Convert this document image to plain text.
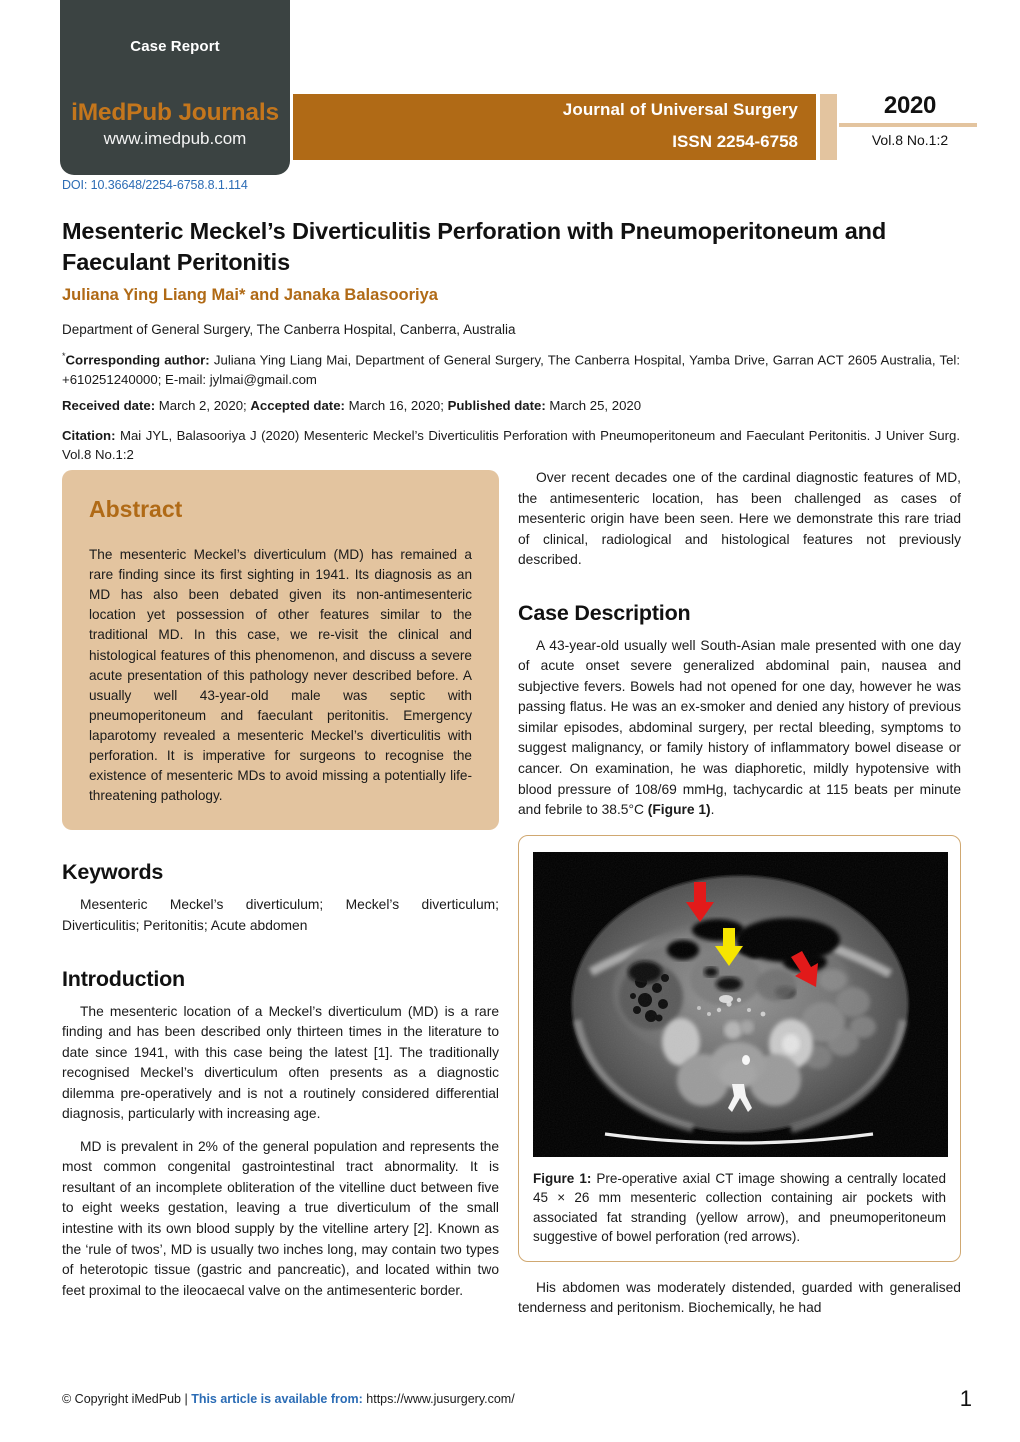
Case Report
iMedPub Journals
www.imedpub.com
Journal of Universal Surgery
ISSN 2254-6758
2020
Vol.8 No.1:2
DOI: 10.36648/2254-6758.8.1.114
Mesenteric Meckel’s Diverticulitis Perforation with Pneumoperitoneum and Faeculant Peritonitis
Juliana Ying Liang Mai* and Janaka Balasooriya
Department of General Surgery, The Canberra Hospital, Canberra, Australia
*Corresponding author: Juliana Ying Liang Mai, Department of General Surgery, The Canberra Hospital, Yamba Drive, Garran ACT 2605 Australia, Tel: +610251240000; E-mail: jylmai@gmail.com
Received date: March 2, 2020; Accepted date: March 16, 2020; Published date: March 25, 2020
Citation: Mai JYL, Balasooriya J (2020) Mesenteric Meckel’s Diverticulitis Perforation with Pneumoperitoneum and Faeculant Peritonitis. J Univer Surg. Vol.8 No.1:2
Abstract
The mesenteric Meckel’s diverticulum (MD) has remained a rare finding since its first sighting in 1941. Its diagnosis as an MD has also been debated given its non-antimesenteric location yet possession of other features similar to the traditional MD. In this case, we re-visit the clinical and histological features of this phenomenon, and discuss a severe acute presentation of this pathology never described before. A usually well 43-year-old male was septic with pneumoperitoneum and faeculant peritonitis. Emergency laparotomy revealed a mesenteric Meckel’s diverticulitis with perforation. It is imperative for surgeons to recognise the existence of mesenteric MDs to avoid missing a potentially life-threatening pathology.
Keywords

Mesenteric Meckel’s diverticulum; Meckel’s diverticulum; Diverticulitis; Peritonitis; Acute abdomen

Introduction

The mesenteric location of a Meckel’s diverticulum (MD) is a rare finding and has been described only thirteen times in the literature to date since 1941, with this case being the latest [1]. The traditionally recognised Meckel’s diverticulum often presents as a diagnostic dilemma pre-operatively and is not a routinely considered differential diagnosis, particularly with increasing age.

MD is prevalent in 2% of the general population and represents the most common congenital gastrointestinal tract abnormality. It is resultant of an incomplete obliteration of the vitelline duct between five to eight weeks gestation, leaving a true diverticulum of the small intestine with its own blood supply by the vitelline artery [2]. Known as the ‘rule of twos’, MD is usually two inches long, may contain two types of heterotopic tissue (gastric and pancreatic), and located within two feet proximal to the ileocaecal valve on the antimesenteric border.

Over recent decades one of the cardinal diagnostic features of MD, the antimesenteric location, has been challenged as cases of mesenteric origin have been seen. Here we demonstrate this rare triad of clinical, radiological and histological features not previously described.

Case Description

A 43-year-old usually well South-Asian male presented with one day of acute onset severe generalized abdominal pain, nausea and subjective fevers. Bowels had not opened for one day, however he was passing flatus. He was an ex-smoker and denied any history of previous similar episodes, abdominal surgery, per rectal bleeding, symptoms to suggest malignancy, or family history of inflammatory bowel disease or cancer. On examination, he was diaphoretic, mildly hypotensive with blood pressure of 108/69 mmHg, tachycardic at 115 beats per minute and febrile to 38.5°C (Figure 1).

Figure 1: Pre-operative axial CT image showing a centrally located 45 × 26 mm mesenteric collection containing air pockets with associated fat stranding (yellow arrow), and pneumoperitoneum suggestive of bowel perforation (red arrows).

His abdomen was moderately distended, guarded with generalised tenderness and peritonism. Biochemically, he had

© Copyright iMedPub | This article is available from: https://www.jusurgery.com/	1
